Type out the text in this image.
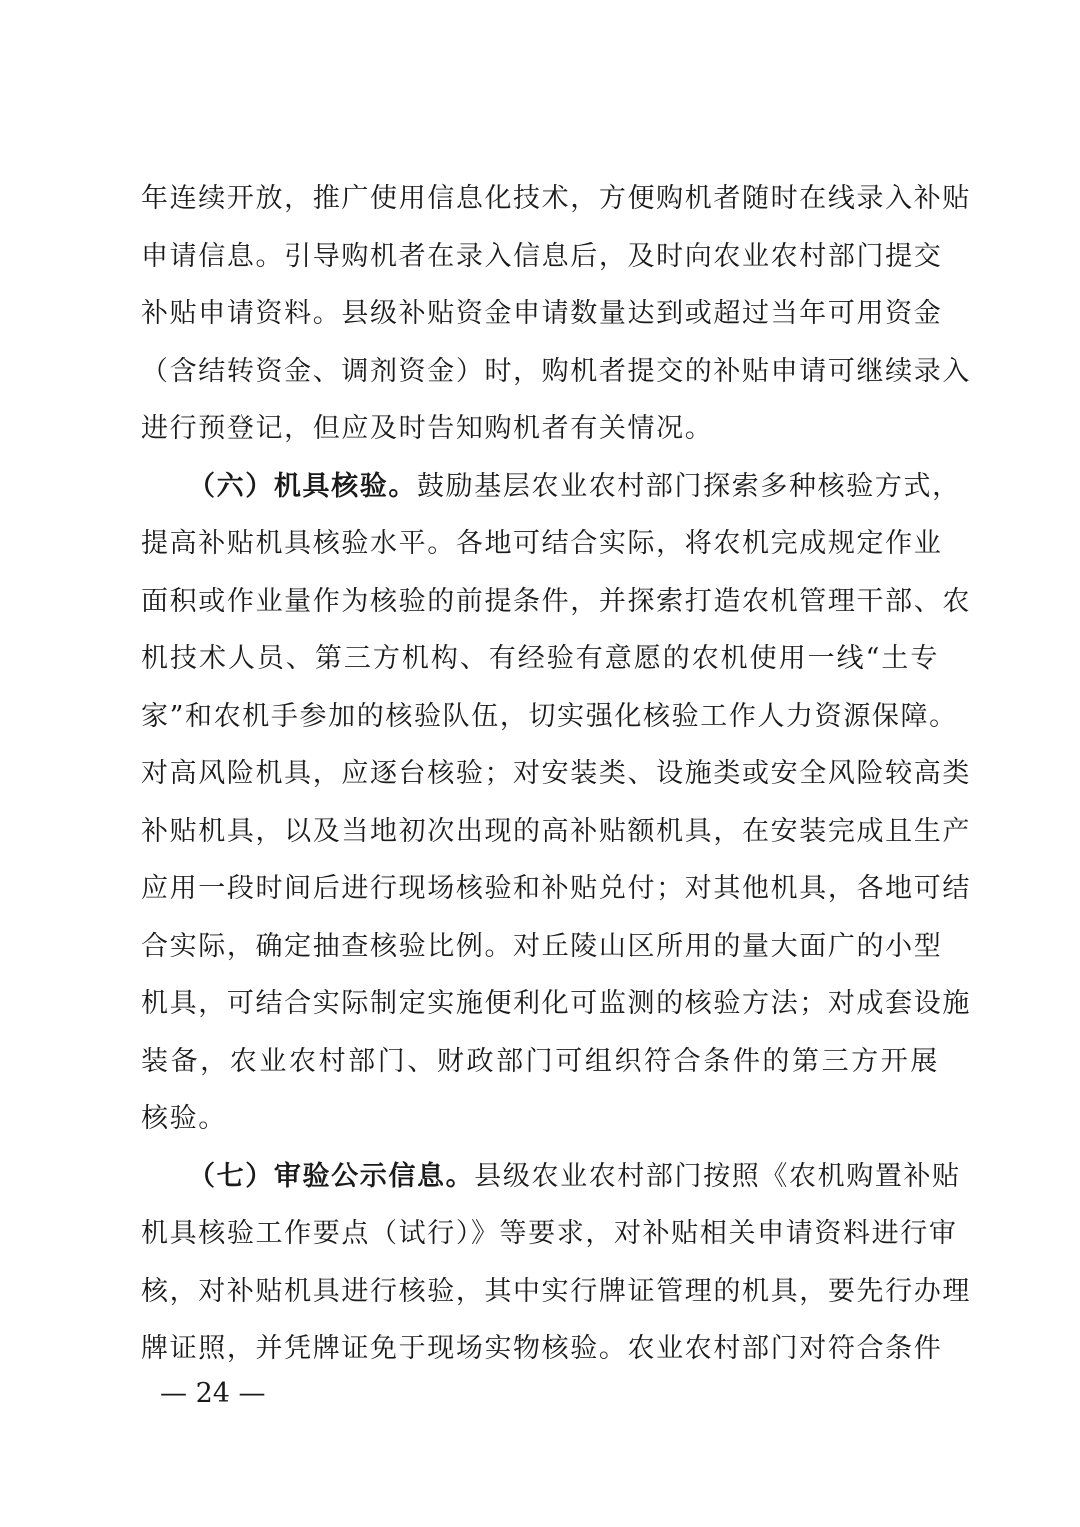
年连续开放，推广使用信息化技术，方便购机者随时在线录入补贴
申请信息。引导购机者在录入信息后，及时向农业农村部门提交
补贴申请资料。县级补贴资金申请数量达到或超过当年可用资金
（含结转资金、调剂资金）时，购机者提交的补贴申请可继续录入
进行预登记，但应及时告知购机者有关情况。
（六）机具核验。鼓励基层农业农村部门探索多种核验方式，
提高补贴机具核验水平。各地可结合实际，将农机完成规定作业
面积或作业量作为核验的前提条件，并探索打造农机管理干部、农
机技术人员、第三方机构、有经验有意愿的农机使用一线“土专
家”和农机手参加的核验队伍，切实强化核验工作人力资源保障。
对高风险机具，应逐台核验；对安装类、设施类或安全风险较高类
补贴机具，以及当地初次出现的高补贴额机具，在安装完成且生产
应用一段时间后进行现场核验和补贴兑付；对其他机具，各地可结
合实际，确定抽查核验比例。对丘陵山区所用的量大面广的小型
机具，可结合实际制定实施便利化可监测的核验方法；对成套设施
装备，农业农村部门、财政部门可组织符合条件的第三方开展
核验。
（七）审验公示信息。县级农业农村部门按照《农机购置补贴
机具核验工作要点（试行）》等要求，对补贴相关申请资料进行审
核，对补贴机具进行核验，其中实行牌证管理的机具，要先行办理
牌证照，并凭牌证免于现场实物核验。农业农村部门对符合条件
— 24 —
